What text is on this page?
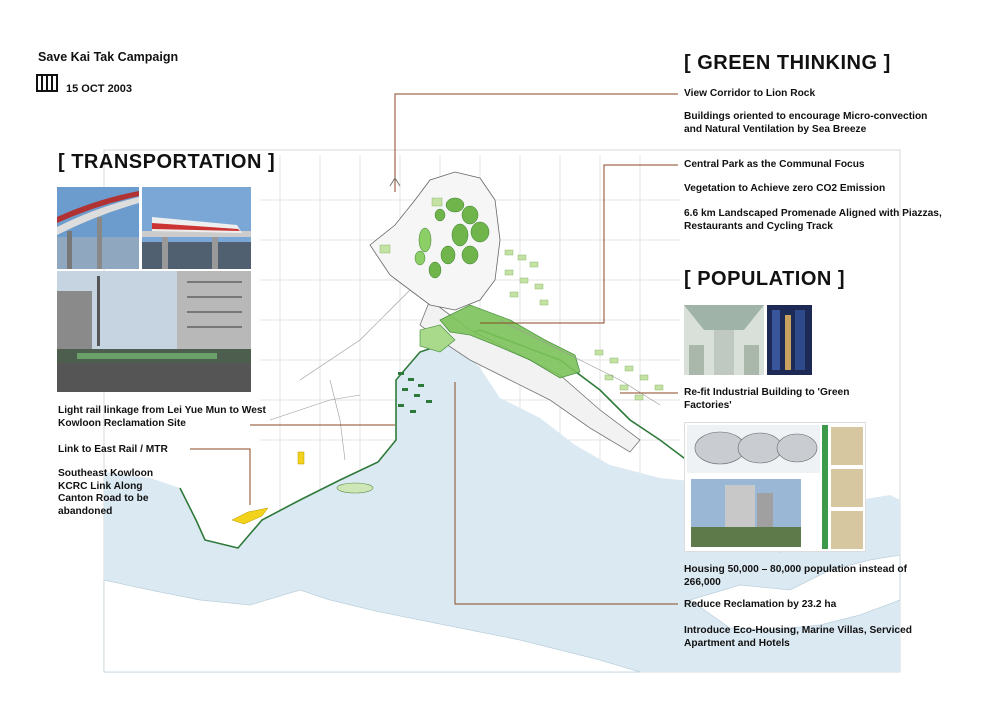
Save Kai Tak Campaign
15 OCT 2003
[ TRANSPORTATION ]
Light rail linkage from Lei Yue Mun to West Kowloon Reclamation Site
Link to East Rail / MTR
Southeast Kowloon KCRC Link Along Canton Road to be abandoned
[ GREEN THINKING ]
View Corridor to Lion Rock
Buildings oriented to encourage Micro-convection and Natural Ventilation by Sea Breeze
Central Park as the Communal Focus
Vegetation to Achieve zero CO2 Emission
6.6 km Landscaped Promenade Aligned with Piazzas, Restaurants and Cycling Track
[ POPULATION ]
Re-fit Industrial Building to 'Green Factories'
Housing 50,000 – 80,000 population instead of 266,000
Reduce Reclamation by 23.2 ha
Introduce Eco-Housing, Marine Villas, Serviced Apartment and Hotels
